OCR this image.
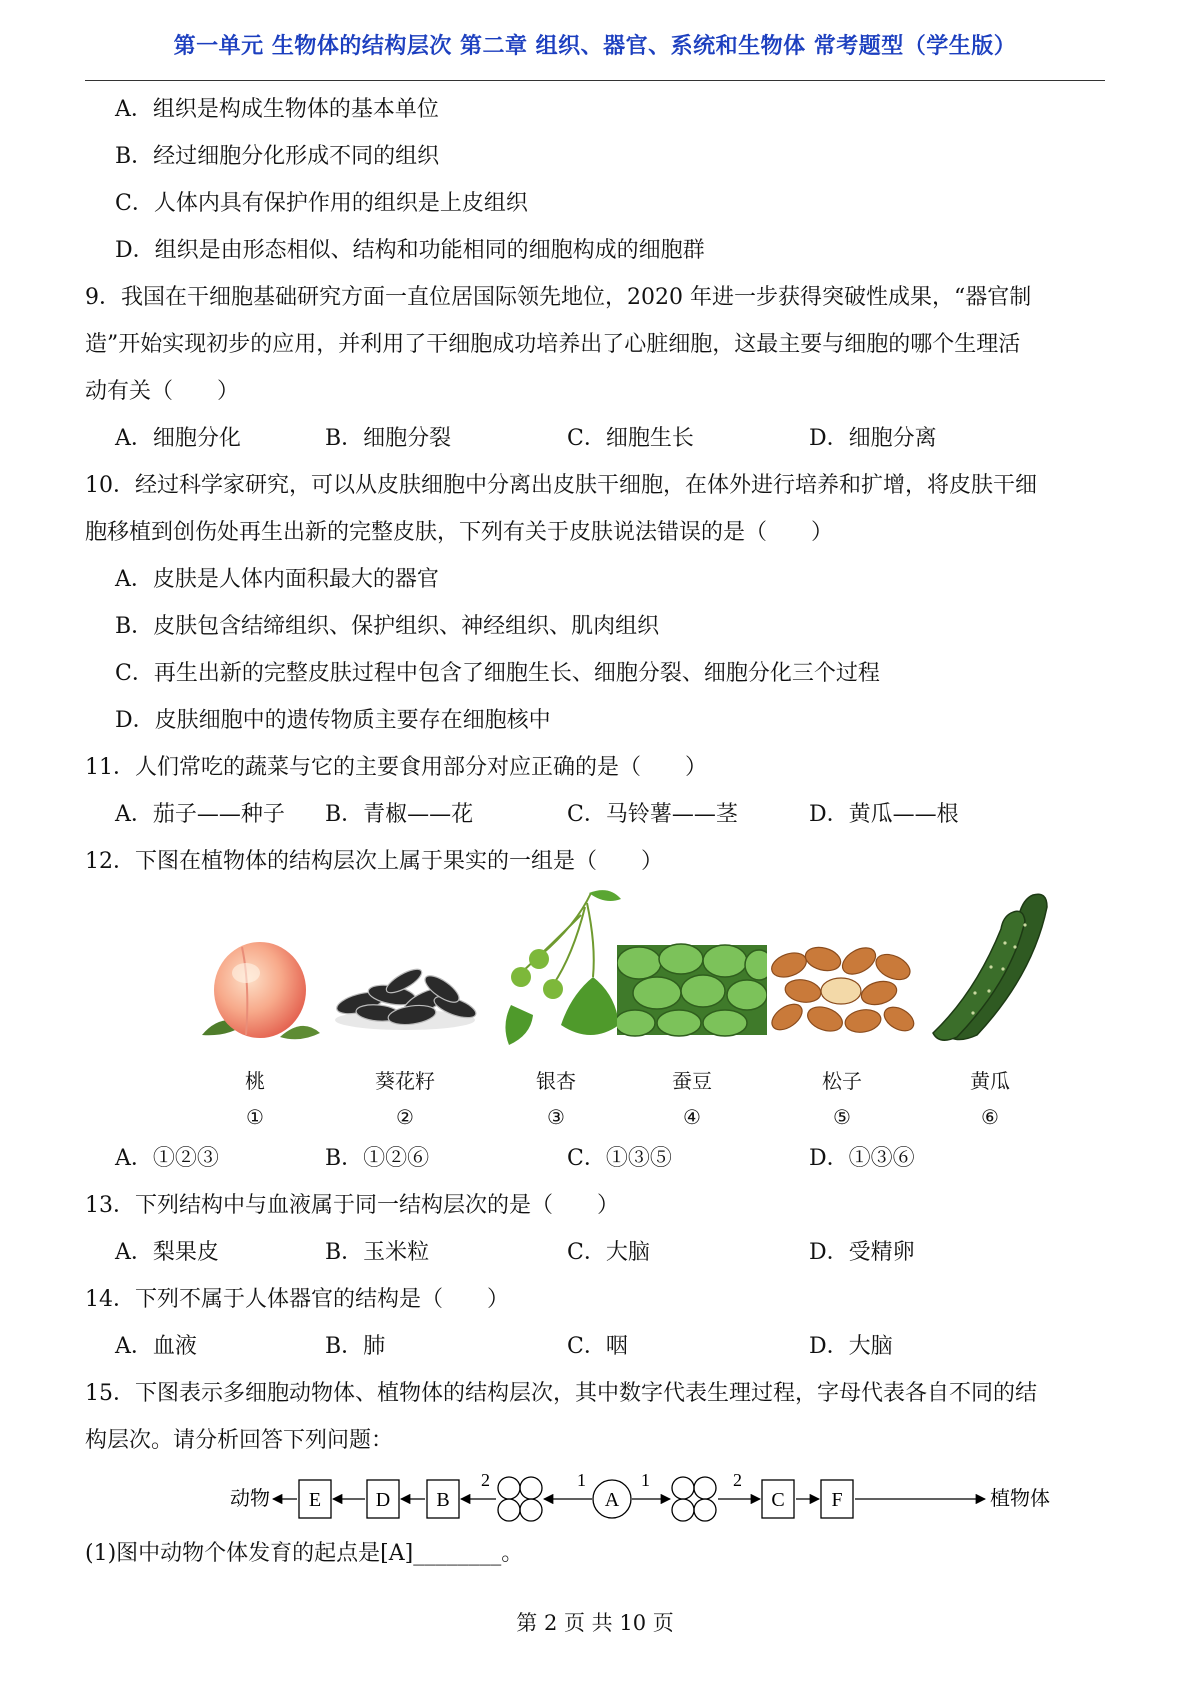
第一单元 生物体的结构层次 第二章 组织、器官、系统和生物体 常考题型（学生版）
A．组织是构成生物体的基本单位
B．经过细胞分化形成不同的组织
C．人体内具有保护作用的组织是上皮组织
D．组织是由形态相似、结构和功能相同的细胞构成的细胞群
9．我国在干细胞基础研究方面一直位居国际领先地位，2020 年进一步获得突破性成果，“器官制
造”开始实现初步的应用，并利用了干细胞成功培养出了心脏细胞，这最主要与细胞的哪个生理活
动有关（　　）
A．细胞分化	B．细胞分裂	C．细胞生长	D．细胞分离
10．经过科学家研究，可以从皮肤细胞中分离出皮肤干细胞，在体外进行培养和扩增，将皮肤干细
胞移植到创伤处再生出新的完整皮肤，下列有关于皮肤说法错误的是（　　）
A．皮肤是人体内面积最大的器官
B．皮肤包含结缔组织、保护组织、神经组织、肌肉组织
C．再生出新的完整皮肤过程中包含了细胞生长、细胞分裂、细胞分化三个过程
D．皮肤细胞中的遗传物质主要存在细胞核中
11．人们常吃的蔬菜与它的主要食用部分对应正确的是（　　）
A．茄子——种子 B．青椒——花	C．马铃薯——茎	D．黄瓜——根
12．下图在植物体的结构层次上属于果实的一组是（　　）
桃
①
葵花籽
②
银杏
③
蚕豆
④
松子
⑤
黄瓜
⑥
A．①②③	B．①②⑥	C．①③⑤	D．①③⑥
13．下列结构中与血液属于同一结构层次的是（　　）
A．梨果皮	B．玉米粒	C．大脑	D．受精卵
14．下列不属于人体器官的结构是（　　）
A．血液	B．肺	C．咽	D．大脑
15．下图表示多细胞动物体、植物体的结构层次，其中数字代表生理过程，字母代表各自不同的结
构层次。请分析回答下列问题：
动物	植物体
E	D B	A	C F
2	1	1	2
(1)图中动物个体发育的起点是[A]________。
第 2 页 共 10 页
